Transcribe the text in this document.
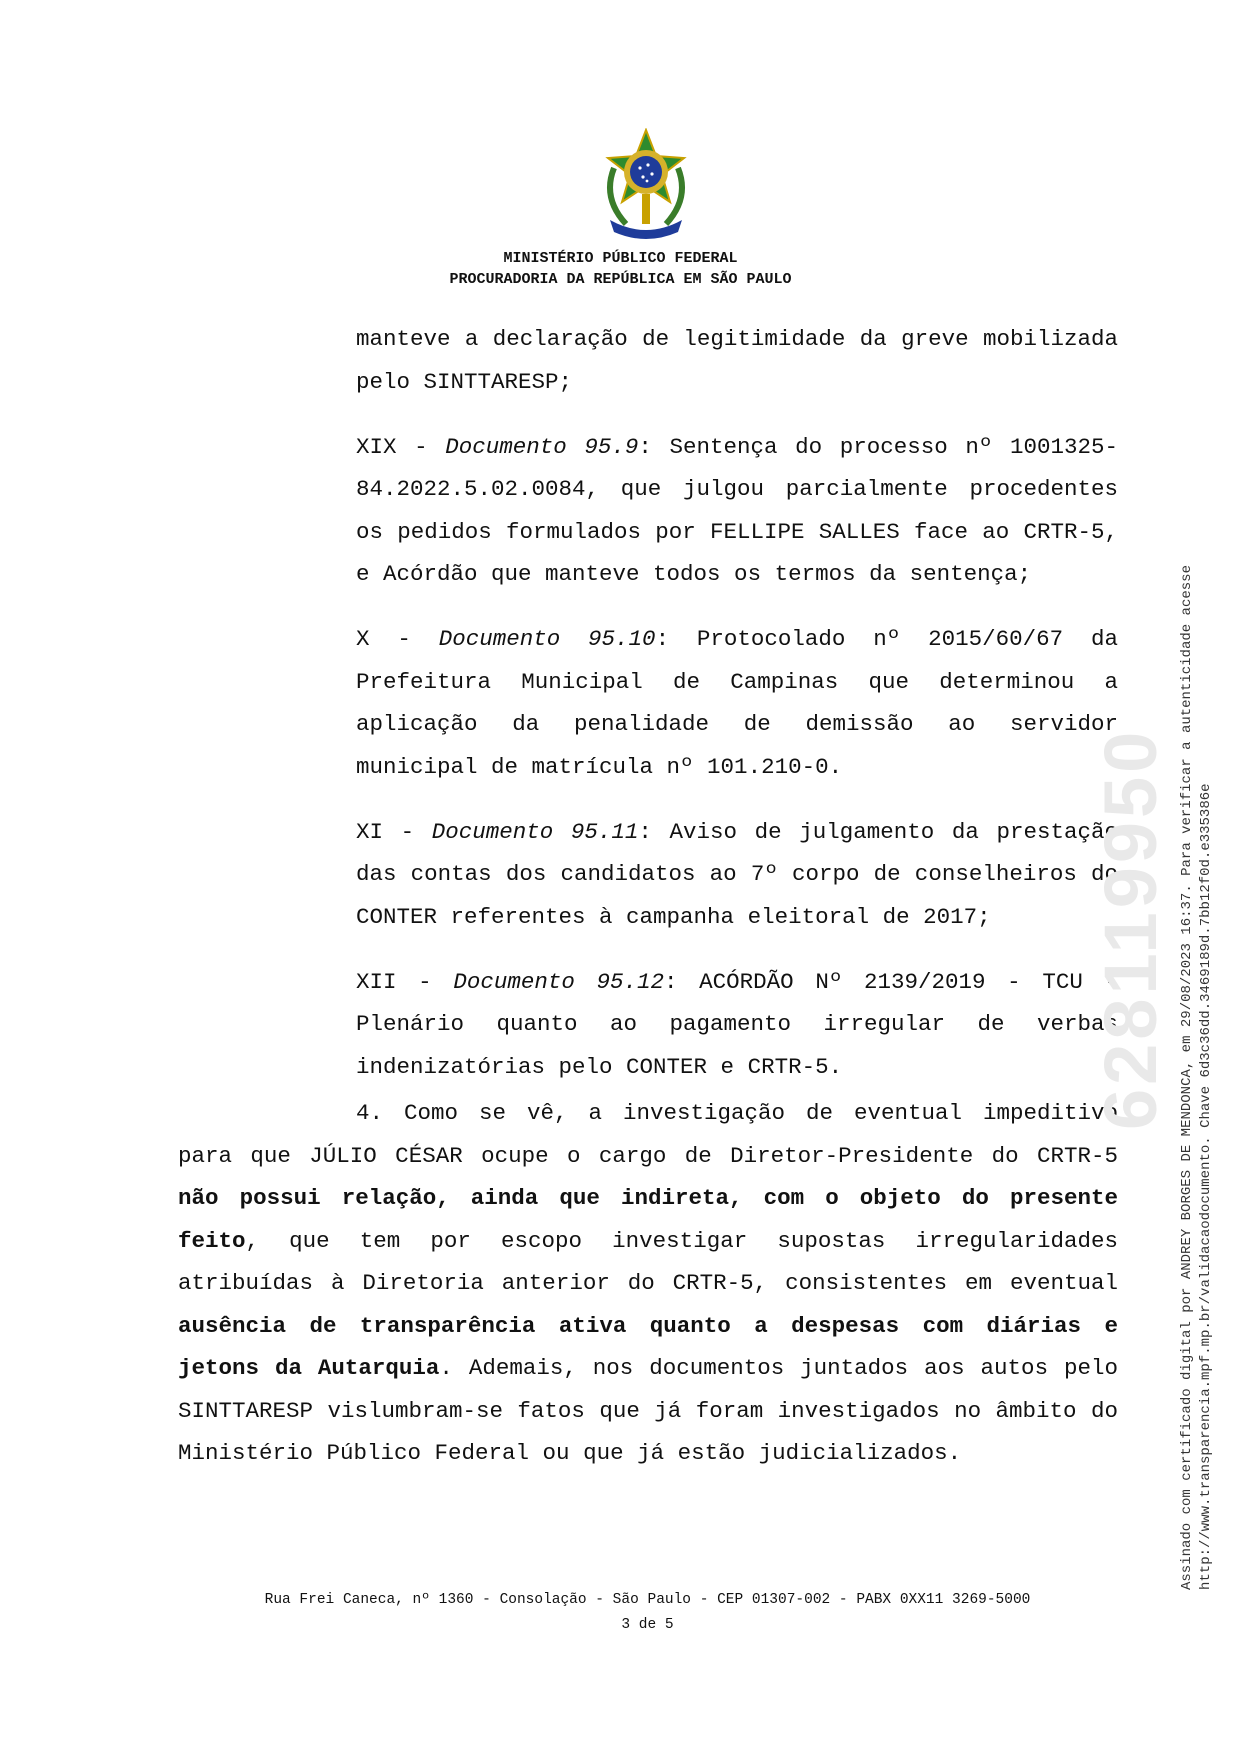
MINISTÉRIO PÚBLICO FEDERAL
PROCURADORIA DA REPÚBLICA EM SÃO PAULO

manteve a declaração de legitimidade da greve mobilizada pelo SINTTARESP;

XIX - Documento 95.9: Sentença do processo nº 1001325-84.2022.5.02.0084, que julgou parcialmente procedentes os pedidos formulados por FELLIPE SALLES face ao CRTR-5, e Acórdão que manteve todos os termos da sentença;

X - Documento 95.10: Protocolado nº 2015/60/67 da Prefeitura Municipal de Campinas que determinou a aplicação da penalidade de demissão ao servidor municipal de matrícula nº 101.210-0.

XI - Documento 95.11: Aviso de julgamento da prestação das contas dos candidatos ao 7º corpo de conselheiros do CONTER referentes à campanha eleitoral de 2017;

XII - Documento 95.12: ACÓRDÃO Nº 2139/2019 - TCU - Plenário quanto ao pagamento irregular de verbas indenizatórias pelo CONTER e CRTR-5.

4. Como se vê, a investigação de eventual impeditivo para que JÚLIO CÉSAR ocupe o cargo de Diretor-Presidente do CRTR-5 não possui relação, ainda que indireta, com o objeto do presente feito, que tem por escopo investigar supostas irregularidades atribuídas à Diretoria anterior do CRTR-5, consistentes em eventual ausência de transparência ativa quanto a despesas com diárias e jetons da Autarquia. Ademais, nos documentos juntados aos autos pelo SINTTARESP vislumbram-se fatos que já foram investigados no âmbito do Ministério Público Federal ou que já estão judicializados.

Rua Frei Caneca, nº 1360 - Consolação - São Paulo - CEP 01307-002 - PABX 0XX11 3269-5000
3 de 5
628119950 Assinado com certificado digital por ANDREY BORGES DE MENDONCA, em 29/08/2023 16:37. Para verificar a autenticidade acesse http://www.transparencia.mpf.mp.br/validacaodocumento. Chave 6d3c36dd.3469189d.7bb12f0d.e335386e
